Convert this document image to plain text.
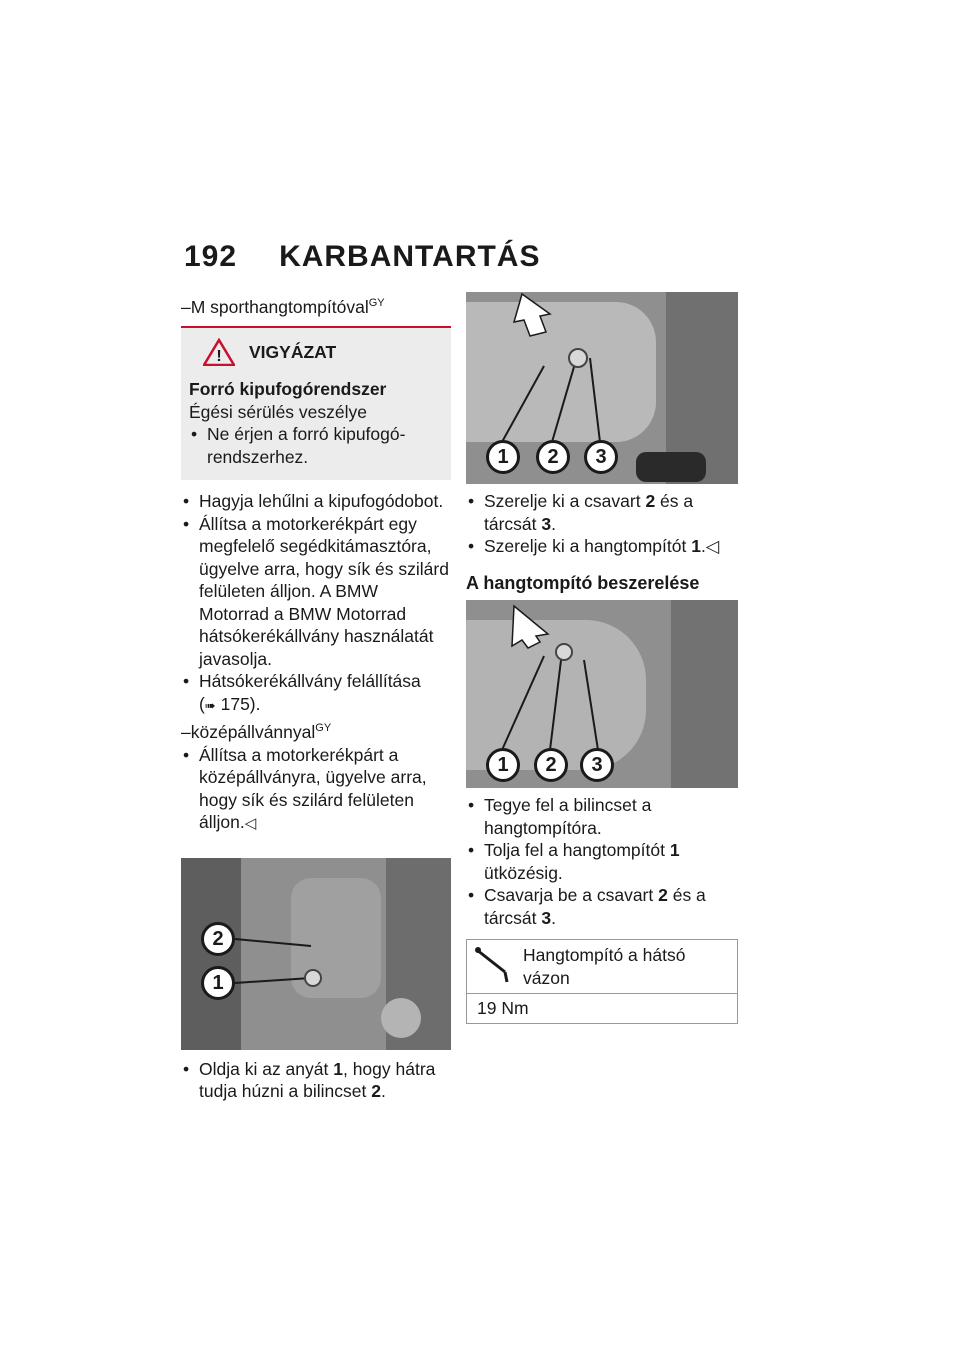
192 KARBANTARTÁS

–M sporthangtompítóval$^{GY}$

! VIGYÁZAT

Forró kipufogórendszer

Égési sérülés veszélye

• Ne érjen a forró kipufogó-rendszerhez.

• Hagyja lehűlni a kipufogódobot.

• Állítsa a motorkerékpárt egy megfelelő segédkitámasztóra, ügyelve arra, hogy sík és szilárd felületen álljon. A BMW Motorrad a BMW Motorrad hátsókerékállvány használatát javasolja.

• Hátsókerékállvány felállítása

(➠ 175).

–középállvánnyal$^{GY}$

• Állítsa a motorkerékpárt a középállványra, ügyelve arra, hogy sík és szilárd felületen álljon.◁

2
1

• Oldja ki az anyát 1, hogy hátra tudja húzni a bilincset 2.

1	2	3

• Szerelje ki a csavart 2 és a tárcsát 3.

• Szerelje ki a hangtompítót 1.◁

A hangtompító beszerelése

1	2	3

• Tegye fel a bilincset a hangtompítóra.

• Tolja fel a hangtompítót 1 ütközésig.

• Csavarja be a csavart 2 és a tárcsát 3.

Hangtompító a hátsó vázon
19 Nm
